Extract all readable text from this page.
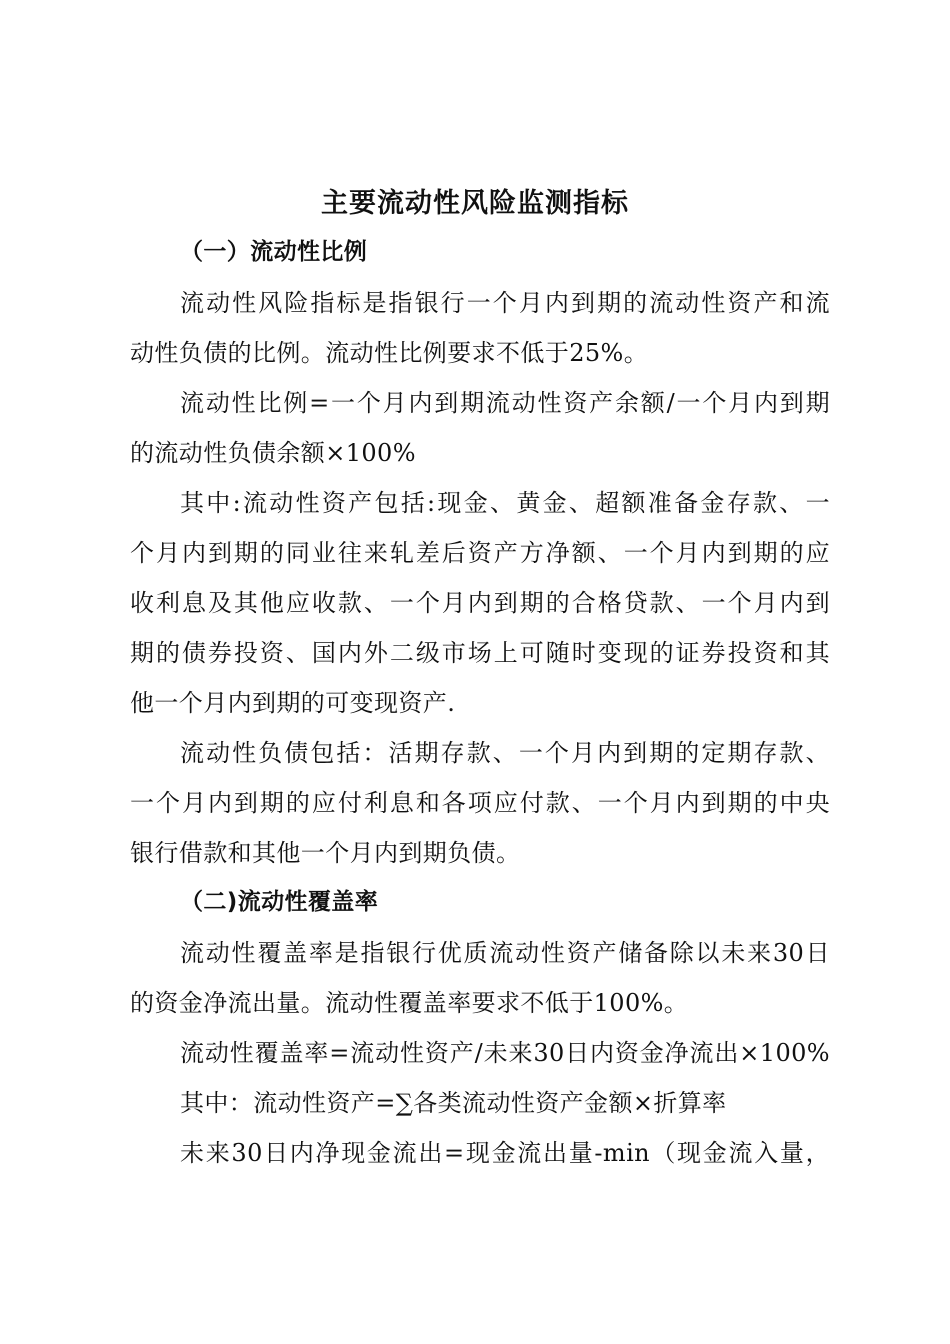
主要流动性风险监测指标
（一）流动性比例
流动性风险指标是指银行一个月内到期的流动性资产和流
动性负债的比例。流动性比例要求不低于25%。
流动性比例=一个月内到期流动性资产余额/一个月内到期
的流动性负债余额×100%
其中:流动性资产包括:现金、黄金、超额准备金存款、一
个月内到期的同业往来轧差后资产方净额、一个月内到期的应
收利息及其他应收款、一个月内到期的合格贷款、一个月内到
期的债券投资、国内外二级市场上可随时变现的证券投资和其
他一个月内到期的可变现资产.
流动性负债包括：活期存款、一个月内到期的定期存款、
一个月内到期的应付利息和各项应付款、一个月内到期的中央
银行借款和其他一个月内到期负债。
（二)流动性覆盖率
流动性覆盖率是指银行优质流动性资产储备除以未来30日
的资金净流出量。流动性覆盖率要求不低于100%。
流动性覆盖率=流动性资产/未来30日内资金净流出×100%
其中：流动性资产=∑各类流动性资产金额×折算率
未来30日内净现金流出=现金流出量-min（现金流入量，
